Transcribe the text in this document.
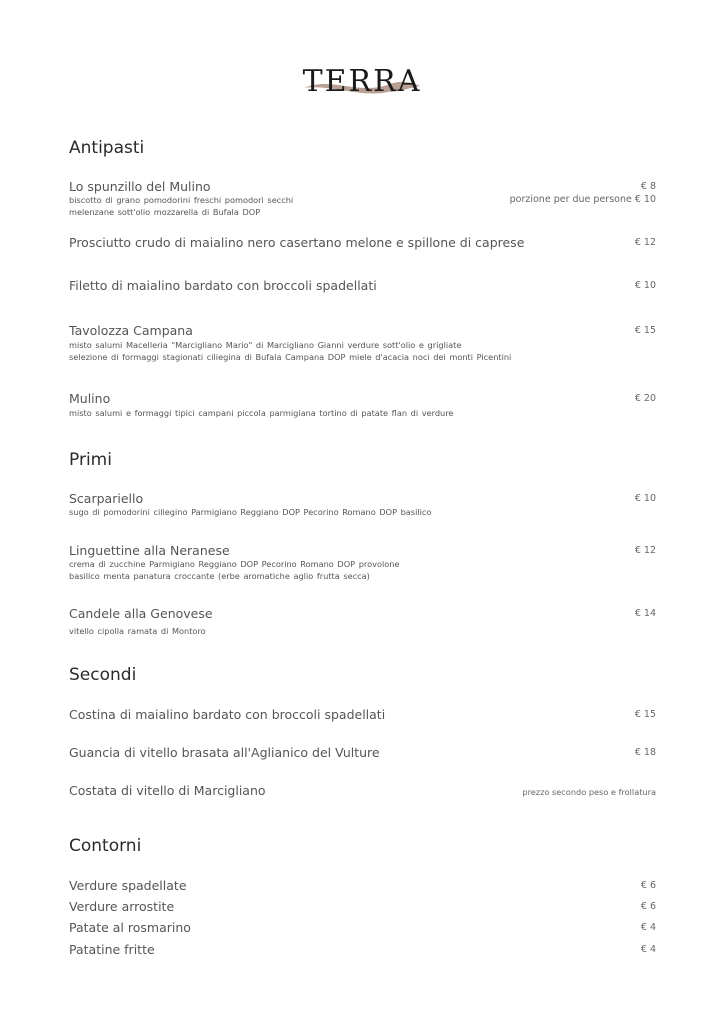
TERRA
Antipasti
Lo spunzillo del Mulino	€ 8
biscotto di grano pomodorini freschi pomodori secchi	porzione per due persone € 10
melenzane sott'olio mozzarella di Bufala DOP
Prosciutto crudo di maialino nero casertano melone e spillone di caprese	€ 12
Filetto di maialino bardato con broccoli spadellati	€ 10
Tavolozza Campana	€ 15
misto salumi Macelleria "Marcigliano Mario" di Marcigliano Gianni verdure sott'olio e grigliate
selezione di formaggi stagionati ciliegina di Bufala Campana DOP miele d'acacia noci dei monti Picentini
Mulino	€ 20
misto salumi e formaggi tipici campani piccola parmigiana tortino di patate flan di verdure
Primi
Scarpariello	€ 10
sugo di pomodorini ciliegino Parmigiano Reggiano DOP Pecorino Romano DOP basilico
Linguettine alla Neranese	€ 12
crema di zucchine Parmigiano Reggiano DOP Pecorino Romano DOP provolone
basilico menta panatura croccante (erbe aromatiche aglio frutta secca)
Candele alla Genovese	€ 14
vitello cipolla ramata di Montoro
Secondi
Costina di maialino bardato con broccoli spadellati	€ 15
Guancia di vitello brasata all'Aglianico del Vulture	€ 18
Costata di vitello di Marcigliano	prezzo secondo peso e frollatura
Contorni
Verdure spadellate	€ 6
Verdure arrostite	€ 6
Patate al rosmarino	€ 4
Patatine fritte	€ 4
